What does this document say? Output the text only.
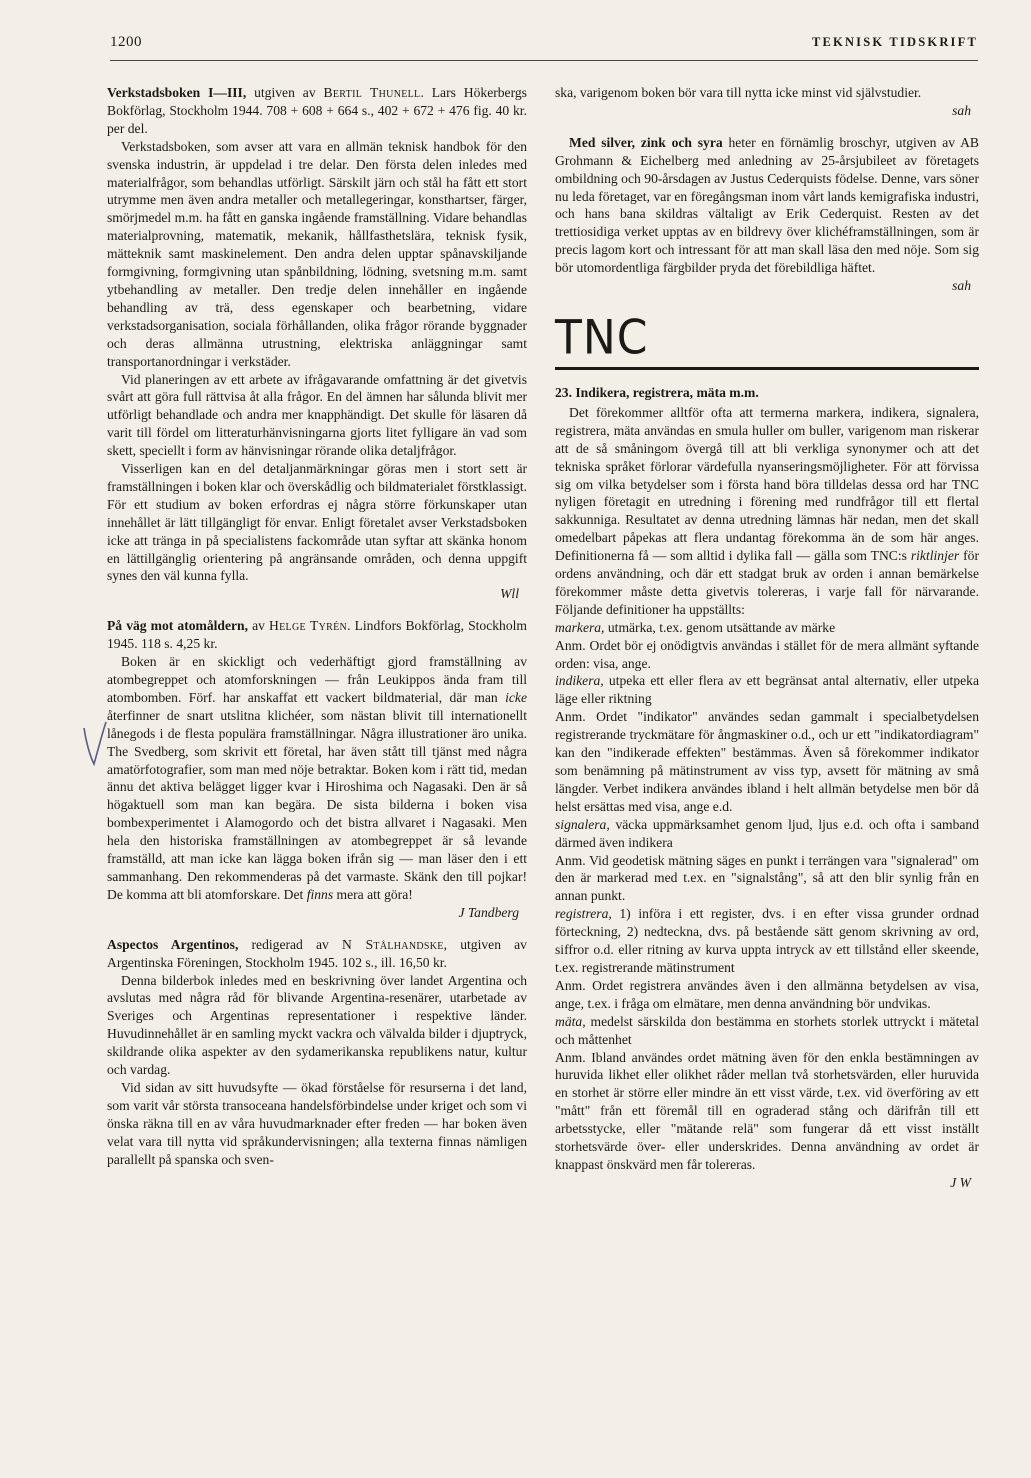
1200	TEKNISK TIDSKRIFT

Verkstadsboken I—III, utgiven av Bertil Thunell. Lars Hökerbergs Bokförlag, Stockholm 1944. 708 + 608 + 664 s., 402 + 672 + 476 fig. 40 kr. per del.

Verkstadsboken, som avser att vara en allmän teknisk handbok för den svenska industrin, är uppdelad i tre delar. Den första delen inledes med materialfrågor, som behandlas utförligt. Särskilt järn och stål ha fått ett stort utrymme men även andra metaller och metallegeringar, konsthartser, färger, smörjmedel m.m. ha fått en ganska ingående framställning. Vidare behandlas materialprovning, matematik, mekanik, hållfasthetslära, teknisk fysik, mätteknik samt maskinelement. Den andra delen upptar spånavskiljande formgivning, formgivning utan spånbildning, lödning, svetsning m.m. samt ytbehandling av metaller. Den tredje delen innehåller en ingående behandling av trä, dess egenskaper och bearbetning, vidare verkstadsorganisation, sociala förhållanden, olika frågor rörande byggnader och deras allmänna utrustning, elektriska anläggningar samt transportanordningar i verkstäder.

Vid planeringen av ett arbete av ifrågavarande omfattning är det givetvis svårt att göra full rättvisa åt alla frågor. En del ämnen har sålunda blivit mer utförligt behandlade och andra mer knapphändigt. Det skulle för läsaren då varit till fördel om litteraturhänvisningarna gjorts litet fylligare än vad som skett, speciellt i form av hänvisningar rörande olika detaljfrågor.

Visserligen kan en del detaljanmärkningar göras men i stort sett är framställningen i boken klar och överskådlig och bildmaterialet förstklassigt. För ett studium av boken erfordras ej några större förkunskaper utan innehållet är lätt tillgängligt för envar. Enligt företalet avser Verkstadsboken icke att tränga in på specialistens fackområde utan syftar att skänka honom en lättillgänglig orientering på angränsande områden, och denna uppgift synes den väl kunna fylla.

Wll

På väg mot atomåldern, av Helge Tyrén. Lindfors Bokförlag, Stockholm 1945. 118 s. 4,25 kr.

Boken är en skickligt och vederhäftigt gjord framställning av atombegreppet och atomforskningen — från Leukippos ända fram till atombomben. Förf. har anskaffat ett vackert bildmaterial, där man icke återfinner de snart utslitna klichéer, som nästan blivit till internationellt lånegods i de flesta populära framställningar. Några illustrationer äro unika. The Svedberg, som skrivit ett företal, har även stått till tjänst med några amatörfotografier, som man med nöje betraktar. Boken kom i rätt tid, medan ännu det aktiva belägget ligger kvar i Hiroshima och Nagasaki. Den är så högaktuell som man kan begära. De sista bilderna i boken visa bombexperimentet i Alamogordo och det bistra allvaret i Nagasaki. Men hela den historiska framställningen av atombegreppet är så levande framställd, att man icke kan lägga boken ifrån sig — man läser den i ett sammanhang. Den rekommenderas på det varmaste. Skänk den till pojkar! De komma att bli atomforskare. Det finns mera att göra!

J Tandberg

Aspectos Argentinos, redigerad av N Stålhandske, utgiven av Argentinska Föreningen, Stockholm 1945. 102 s., ill. 16,50 kr.

Denna bilderbok inledes med en beskrivning över landet Argentina och avslutas med några råd för blivande Argentina-resenärer, utarbetade av Sveriges och Argentinas representationer i respektive länder. Huvudinnehållet är en samling myckt vackra och välvalda bilder i djuptryck, skildrande olika aspekter av den sydamerikanska republikens natur, kultur och vardag.

Vid sidan av sitt huvudsyfte — ökad förståelse för resurserna i det land, som varit vår största transoceana handelsförbindelse under kriget och som vi önska räkna till en av våra huvudmarknader efter freden — har boken även velat vara till nytta vid språkundervisningen; alla texterna finnas nämligen parallellt på spanska och sven-

ska, varigenom boken bör vara till nytta icke minst vid självstudier.

sah

Med silver, zink och syra heter en förnämlig broschyr, utgiven av AB Grohmann & Eichelberg med anledning av 25-årsjubileet av företagets ombildning och 90-årsdagen av Justus Cederquists födelse. Denne, vars söner nu leda företaget, var en föregångsman inom vårt lands kemigrafiska industri, och hans bana skildras vältaligt av Erik Cederquist. Resten av det trettiosidiga verket upptas av en bildrevy över klichéframställningen, som är precis lagom kort och intressant för att man skall läsa den med nöje. Som sig bör utomordentliga färgbilder pryda det förebildliga häftet.

sah
TNC

23. Indikera, registrera, mäta m.m.

Det förekommer alltför ofta att termerna markera, indikera, signalera, registrera, mäta användas en smula huller om buller, varigenom man riskerar att de så småningom övergå till att bli verkliga synonymer och att det tekniska språket förlorar värdefulla nyanseringsmöjligheter. För att förvissa sig om vilka betydelser som i första hand böra tilldelas dessa ord har TNC nyligen företagit en utredning i förening med rundfrågor till ett flertal sakkunniga. Resultatet av denna utredning lämnas här nedan, men det skall omedelbart påpekas att flera undantag förekomma än de som här anges. Definitionerna få — som alltid i dylika fall — gälla som TNC:s riktlinjer för ordens användning, och där ett stadgat bruk av orden i annan bemärkelse förekommer måste detta givetvis tolereras, i varje fall för närvarande. Följande definitioner ha uppställts:

markera, utmärka, t.ex. genom utsättande av märke

Anm. Ordet bör ej onödigtvis användas i stället för de mera allmänt syftande orden: visa, ange.

indikera, utpeka ett eller flera av ett begränsat antal alternativ, eller utpeka läge eller riktning

Anm. Ordet "indikator" användes sedan gammalt i specialbetydelsen registrerande tryckmätare för ångmaskiner o.d., och ur ett "indikatordiagram" kan den "indikerade effekten" bestämmas. Även så förekommer indikator som benämning på mätinstrument av viss typ, avsett för mätning av små längder. Verbet indikera användes ibland i helt allmän betydelse men bör då helst ersättas med visa, ange e.d.

signalera, väcka uppmärksamhet genom ljud, ljus e.d. och ofta i samband därmed även indikera

Anm. Vid geodetisk mätning säges en punkt i terrängen vara "signalerad" om den är markerad med t.ex. en "signalstång", så att den blir synlig från en annan punkt.

registrera, 1) införa i ett register, dvs. i en efter vissa grunder ordnad förteckning, 2) nedteckna, dvs. på bestående sätt genom skrivning av ord, siffror o.d. eller ritning av kurva uppta intryck av ett tillstånd eller skeende, t.ex. registrerande mätinstrument

Anm. Ordet registrera användes även i den allmänna betydelsen av visa, ange, t.ex. i fråga om elmätare, men denna användning bör undvikas.

mäta, medelst särskilda don bestämma en storhets storlek uttryckt i mätetal och måttenhet

Anm. Ibland användes ordet mätning även för den enkla bestämningen av huruvida likhet eller olikhet råder mellan två storhetsvärden, eller huruvida en storhet är större eller mindre än ett visst värde, t.ex. vid överföring av ett "mått" från ett föremål till en ograderad stång och därifrån till ett arbetsstycke, eller "mätande relä" som fungerar då ett visst inställt storhetsvärde över- eller underskrides. Denna användning av ordet är knappast önskvärd men får tolereras.

J W
